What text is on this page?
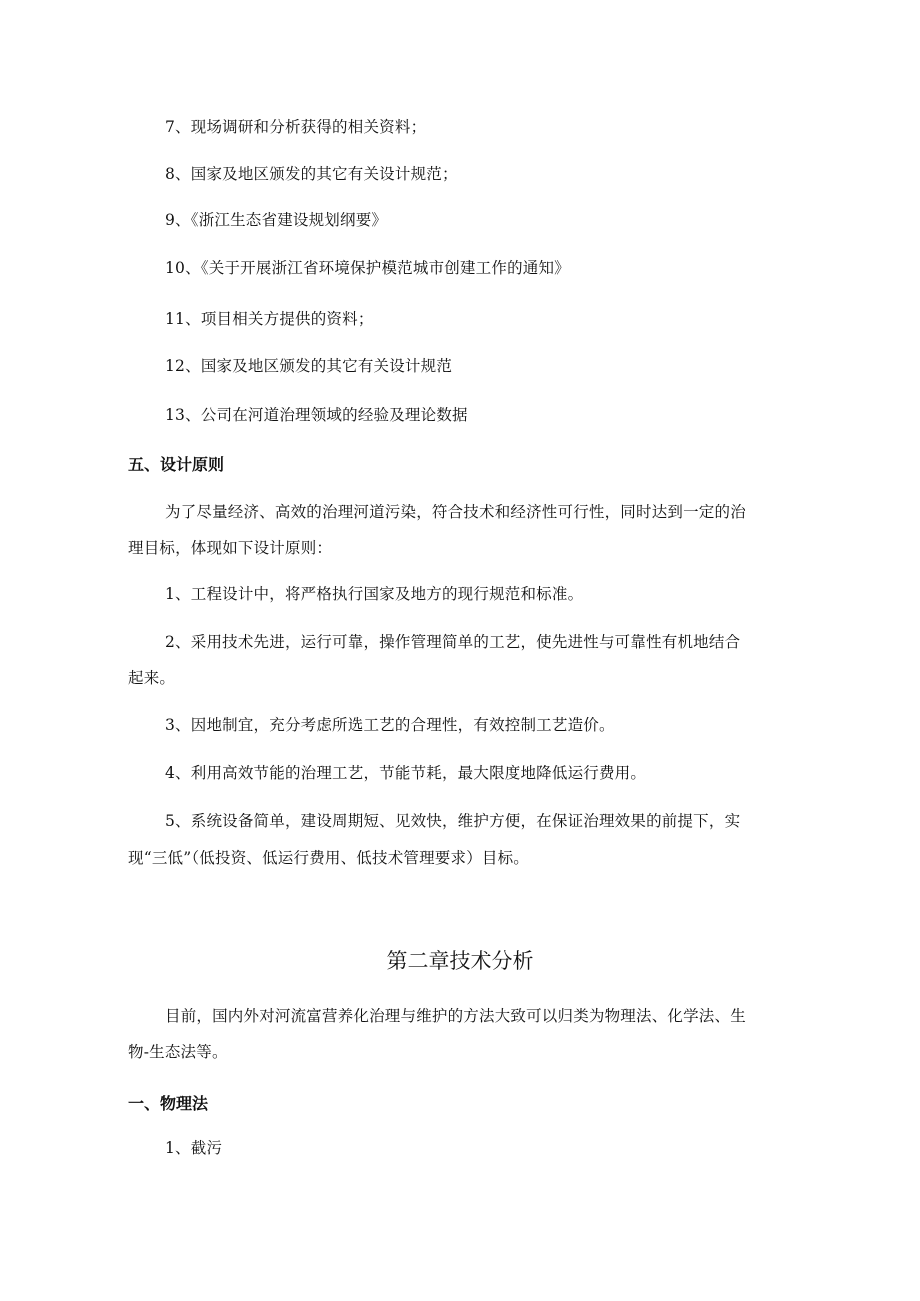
7、现场调研和分析获得的相关资料；
8、国家及地区颁发的其它有关设计规范；
9、《浙江生态省建设规划纲要》
10、《关于开展浙江省环境保护模范城市创建工作的通知》
11、项目相关方提供的资料；
12、国家及地区颁发的其它有关设计规范
13、公司在河道治理领域的经验及理论数据
五、设计原则
为了尽量经济、高效的治理河道污染，符合技术和经济性可行性，同时达到一定的治
理目标，体现如下设计原则：
1、工程设计中，将严格执行国家及地方的现行规范和标准。
2、采用技术先进，运行可靠，操作管理简单的工艺，使先进性与可靠性有机地结合
起来。
3、因地制宜，充分考虑所选工艺的合理性，有效控制工艺造价。
4、利用高效节能的治理工艺，节能节耗，最大限度地降低运行费用。
5、系统设备简单，建设周期短、见效快，维护方便，在保证治理效果的前提下，实
现“三低”（低投资、低运行费用、低技术管理要求）目标。
第二章技术分析
目前，国内外对河流富营养化治理与维护的方法大致可以归类为物理法、化学法、生
物-生态法等。
一、物理法
1、截污
